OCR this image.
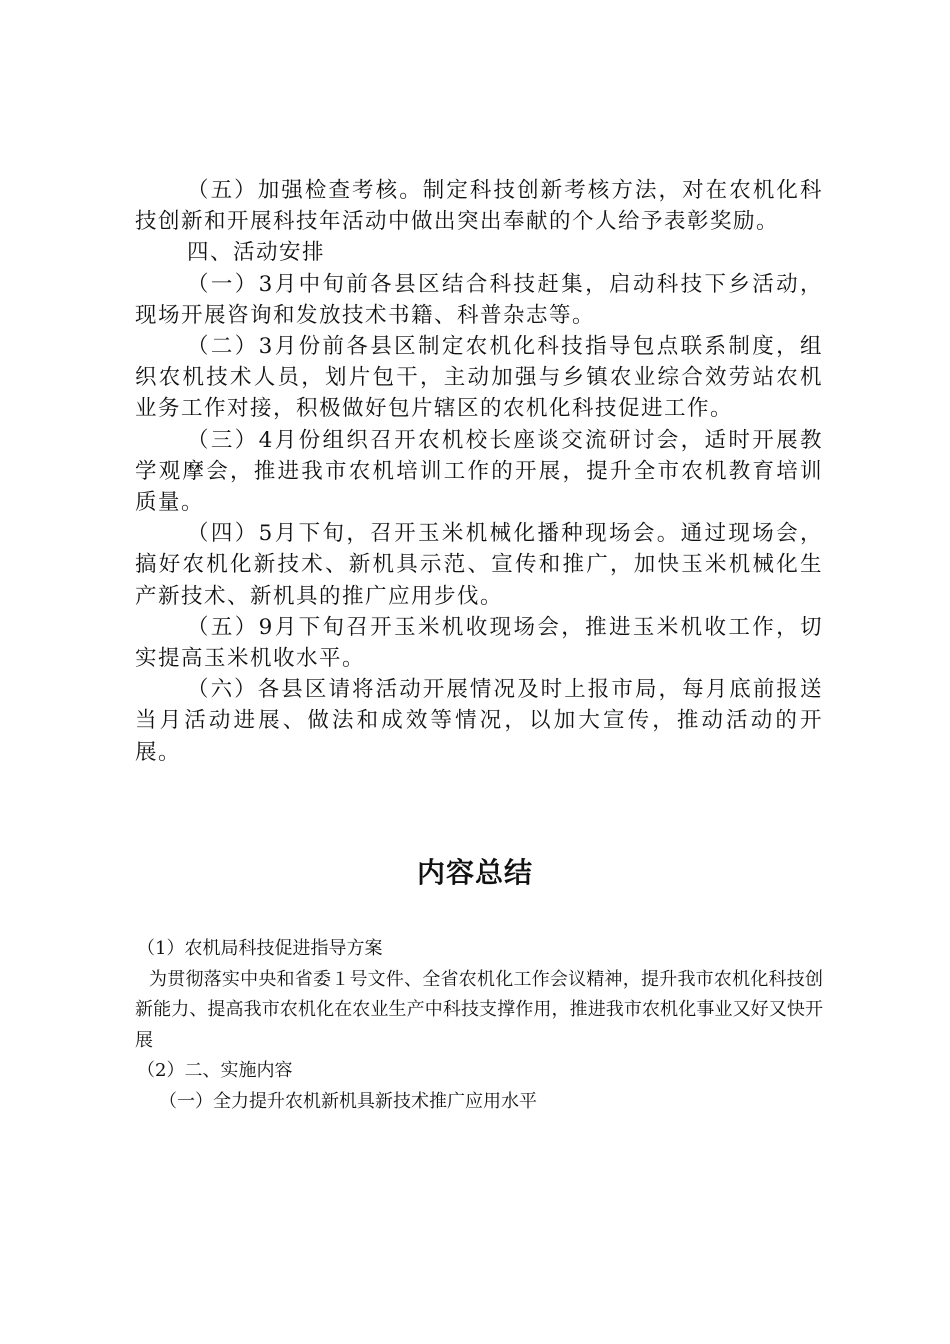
（五）加强检查考核。制定科技创新考核方法，对在农机化科技创新和开展科技年活动中做出突出奉献的个人给予表彰奖励。

四、活动安排

（一）3月中旬前各县区结合科技赶集，启动科技下乡活动，现场开展咨询和发放技术书籍、科普杂志等。

（二）3月份前各县区制定农机化科技指导包点联系制度，组织农机技术人员，划片包干，主动加强与乡镇农业综合效劳站农机业务工作对接，积极做好包片辖区的农机化科技促进工作。

（三）4月份组织召开农机校长座谈交流研讨会，适时开展教学观摩会，推进我市农机培训工作的开展，提升全市农机教育培训质量。

（四）5月下旬，召开玉米机械化播种现场会。通过现场会，搞好农机化新技术、新机具示范、宣传和推广，加快玉米机械化生产新技术、新机具的推广应用步伐。

（五）9月下旬召开玉米机收现场会，推进玉米机收工作，切实提高玉米机收水平。

（六）各县区请将活动开展情况及时上报市局，每月底前报送当月活动进展、做法和成效等情况，以加大宣传，推动活动的开展。

内容总结

（1）农机局科技促进指导方案

为贯彻落实中央和省委１号文件、全省农机化工作会议精神，提升我市农机化科技创新能力、提高我市农机化在农业生产中科技支撑作用，推进我市农机化事业又好又快开展

（2）二、实施内容

（一）全力提升农机新机具新技术推广应用水平
